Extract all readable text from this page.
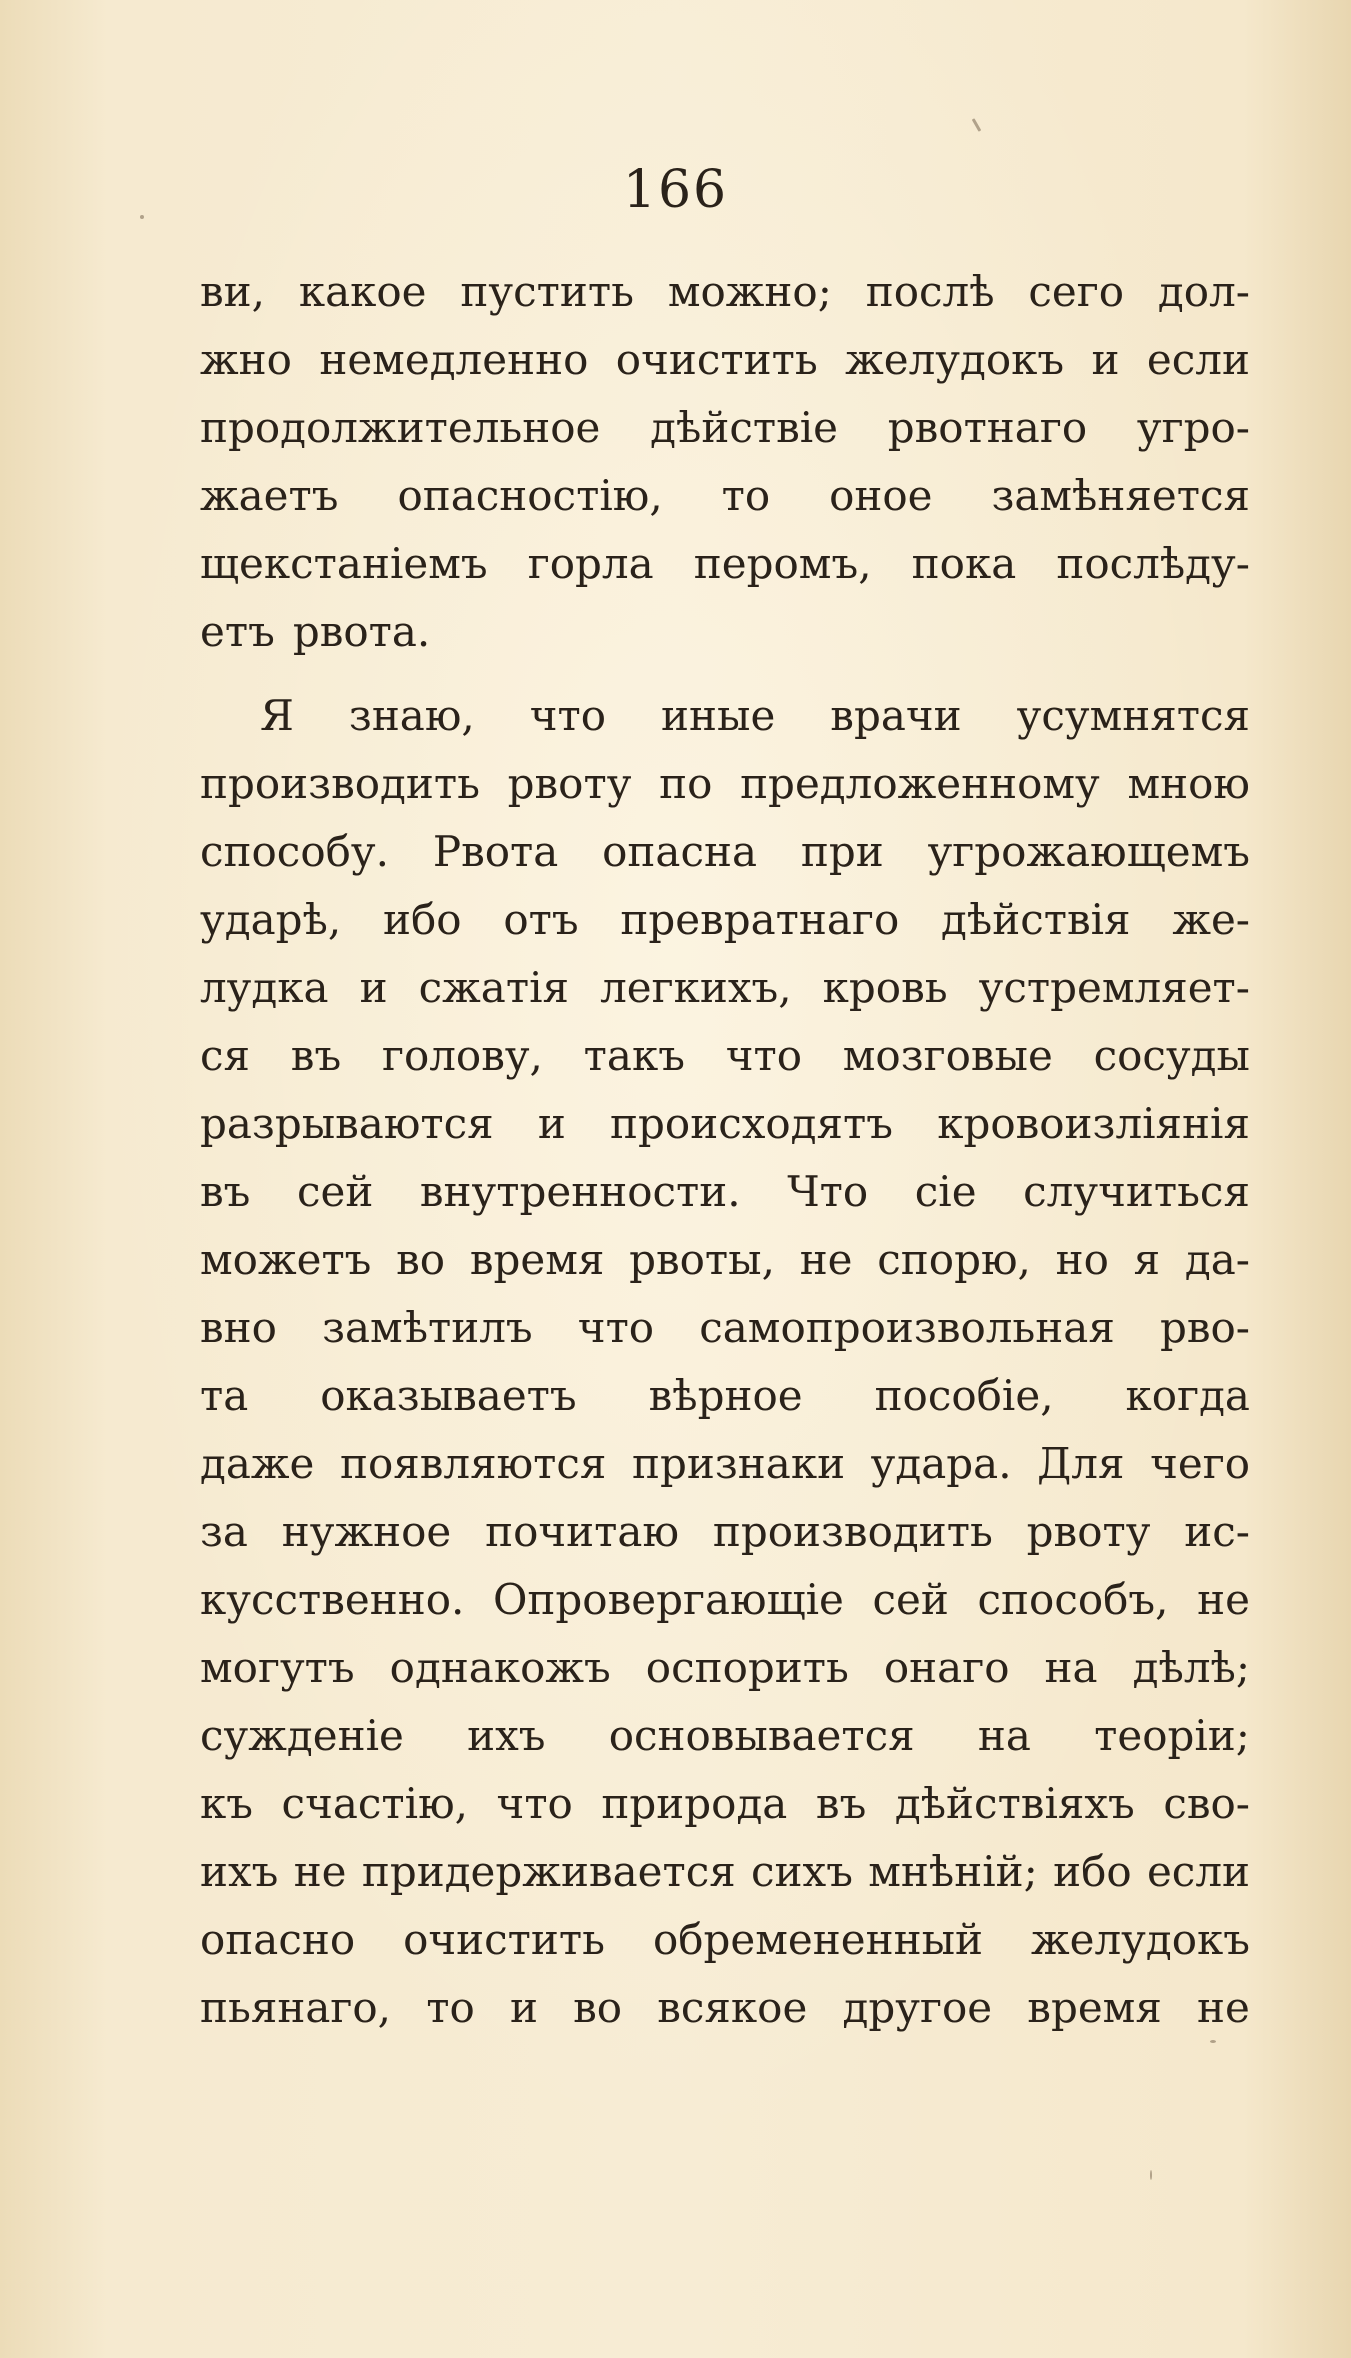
166
ви, какое пустить можно; послѣ сего дол-
жно немедленно очистить желудокъ и если
продолжительное дѣйствіе рвотнаго угро-
жаетъ опасностію, то оное замѣняется
щекстаніемъ горла перомъ, пока послѣду-
етъ рвота.
Я знаю, что иные врачи усумнятся
производить рвоту по предложенному мною
способу. Рвота опасна при угрожающемъ
ударѣ, ибо отъ превратнаго дѣйствія же-
лудка и сжатія легкихъ, кровь устремляет-
ся въ голову, такъ что мозговые сосуды
разрываются и происходятъ кровоизліянія
въ сей внутренности. Что сіе случиться
можетъ во время рвоты, не спорю, но я да-
вно замѣтилъ что самопроизвольная рво-
та оказываетъ вѣрное пособіе, когда
даже появляются признаки удара. Для чего
за нужное почитаю производить рвоту ис-
кусственно. Опровергающіе сей способъ, не
могутъ однакожъ оспорить онаго на дѣлѣ;
сужденіе ихъ основывается на теоріи;
къ счастію, что природа въ дѣйствіяхъ сво-
ихъ не придерживается сихъ мнѣній; ибо если
опасно очистить обремененный желудокъ
пьянаго, то и во всякое другое время не
